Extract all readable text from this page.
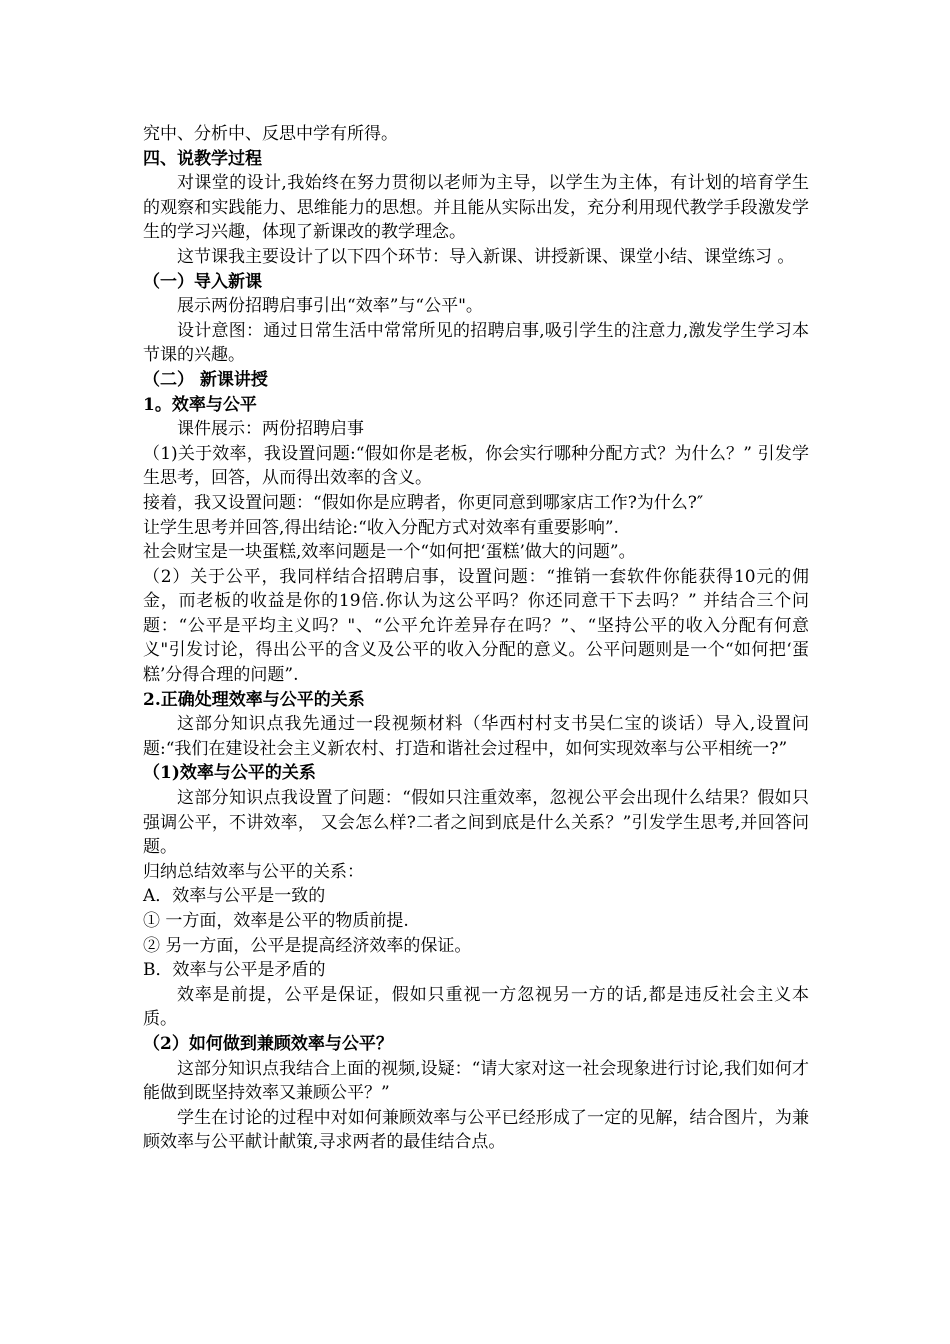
究中、分析中、反思中学有所得。

四、说教学过程

对课堂的设计,我始终在努力贯彻以老师为主导，以学生为主体，有计划的培育学生的观察和实践能力、思维能力的思想。并且能从实际出发，充分利用现代教学手段激发学生的学习兴趣，体现了新课改的教学理念。

这节课我主要设计了以下四个环节：导入新课、讲授新课、课堂小结、课堂练习 。

（一）导入新课

展示两份招聘启事引出“效率”与“公平"。

设计意图：通过日常生活中常常所见的招聘启事,吸引学生的注意力,激发学生学习本节课的兴趣。

（二） 新课讲授

1。效率与公平

课件展示：两份招聘启事

（1)关于效率，我设置问题:“假如你是老板，你会实行哪种分配方式？为什么？” 引发学生思考，回答，从而得出效率的含义。

接着，我又设置问题：“假如你是应聘者，你更同意到哪家店工作?为什么?″

让学生思考并回答,得出结论:“收入分配方式对效率有重要影响”.

社会财宝是一块蛋糕,效率问题是一个“如何把‘蛋糕’做大的问题”。

（2）关于公平，我同样结合招聘启事，设置问题：“推销一套软件你能获得10元的佣金，而老板的收益是你的19倍.你认为这公平吗？你还同意干下去吗？” 并结合三个问题：“公平是平均主义吗？"、“公平允许差异存在吗？”、“坚持公平的收入分配有何意义"引发讨论，得出公平的含义及公平的收入分配的意义。公平问题则是一个“如何把‘蛋糕’分得合理的问题”.

2.正确处理效率与公平的关系

这部分知识点我先通过一段视频材料（华西村村支书吴仁宝的谈话）导入,设置问题:“我们在建设社会主义新农村、打造和谐社会过程中，如何实现效率与公平相统一?”

（1)效率与公平的关系

这部分知识点我设置了问题：“假如只注重效率，忽视公平会出现什么结果？假如只强调公平，不讲效率， 又会怎么样?二者之间到底是什么关系？”引发学生思考,并回答问题。

归纳总结效率与公平的关系：

A．效率与公平是一致的

① 一方面，效率是公平的物质前提.

② 另一方面，公平是提高经济效率的保证。

B．效率与公平是矛盾的

效率是前提，公平是保证，假如只重视一方忽视另一方的话,都是违反社会主义本质。

（2）如何做到兼顾效率与公平？

这部分知识点我结合上面的视频,设疑：“请大家对这一社会现象进行讨论,我们如何才能做到既坚持效率又兼顾公平？”

学生在讨论的过程中对如何兼顾效率与公平已经形成了一定的见解，结合图片，为兼顾效率与公平献计献策,寻求两者的最佳结合点。
